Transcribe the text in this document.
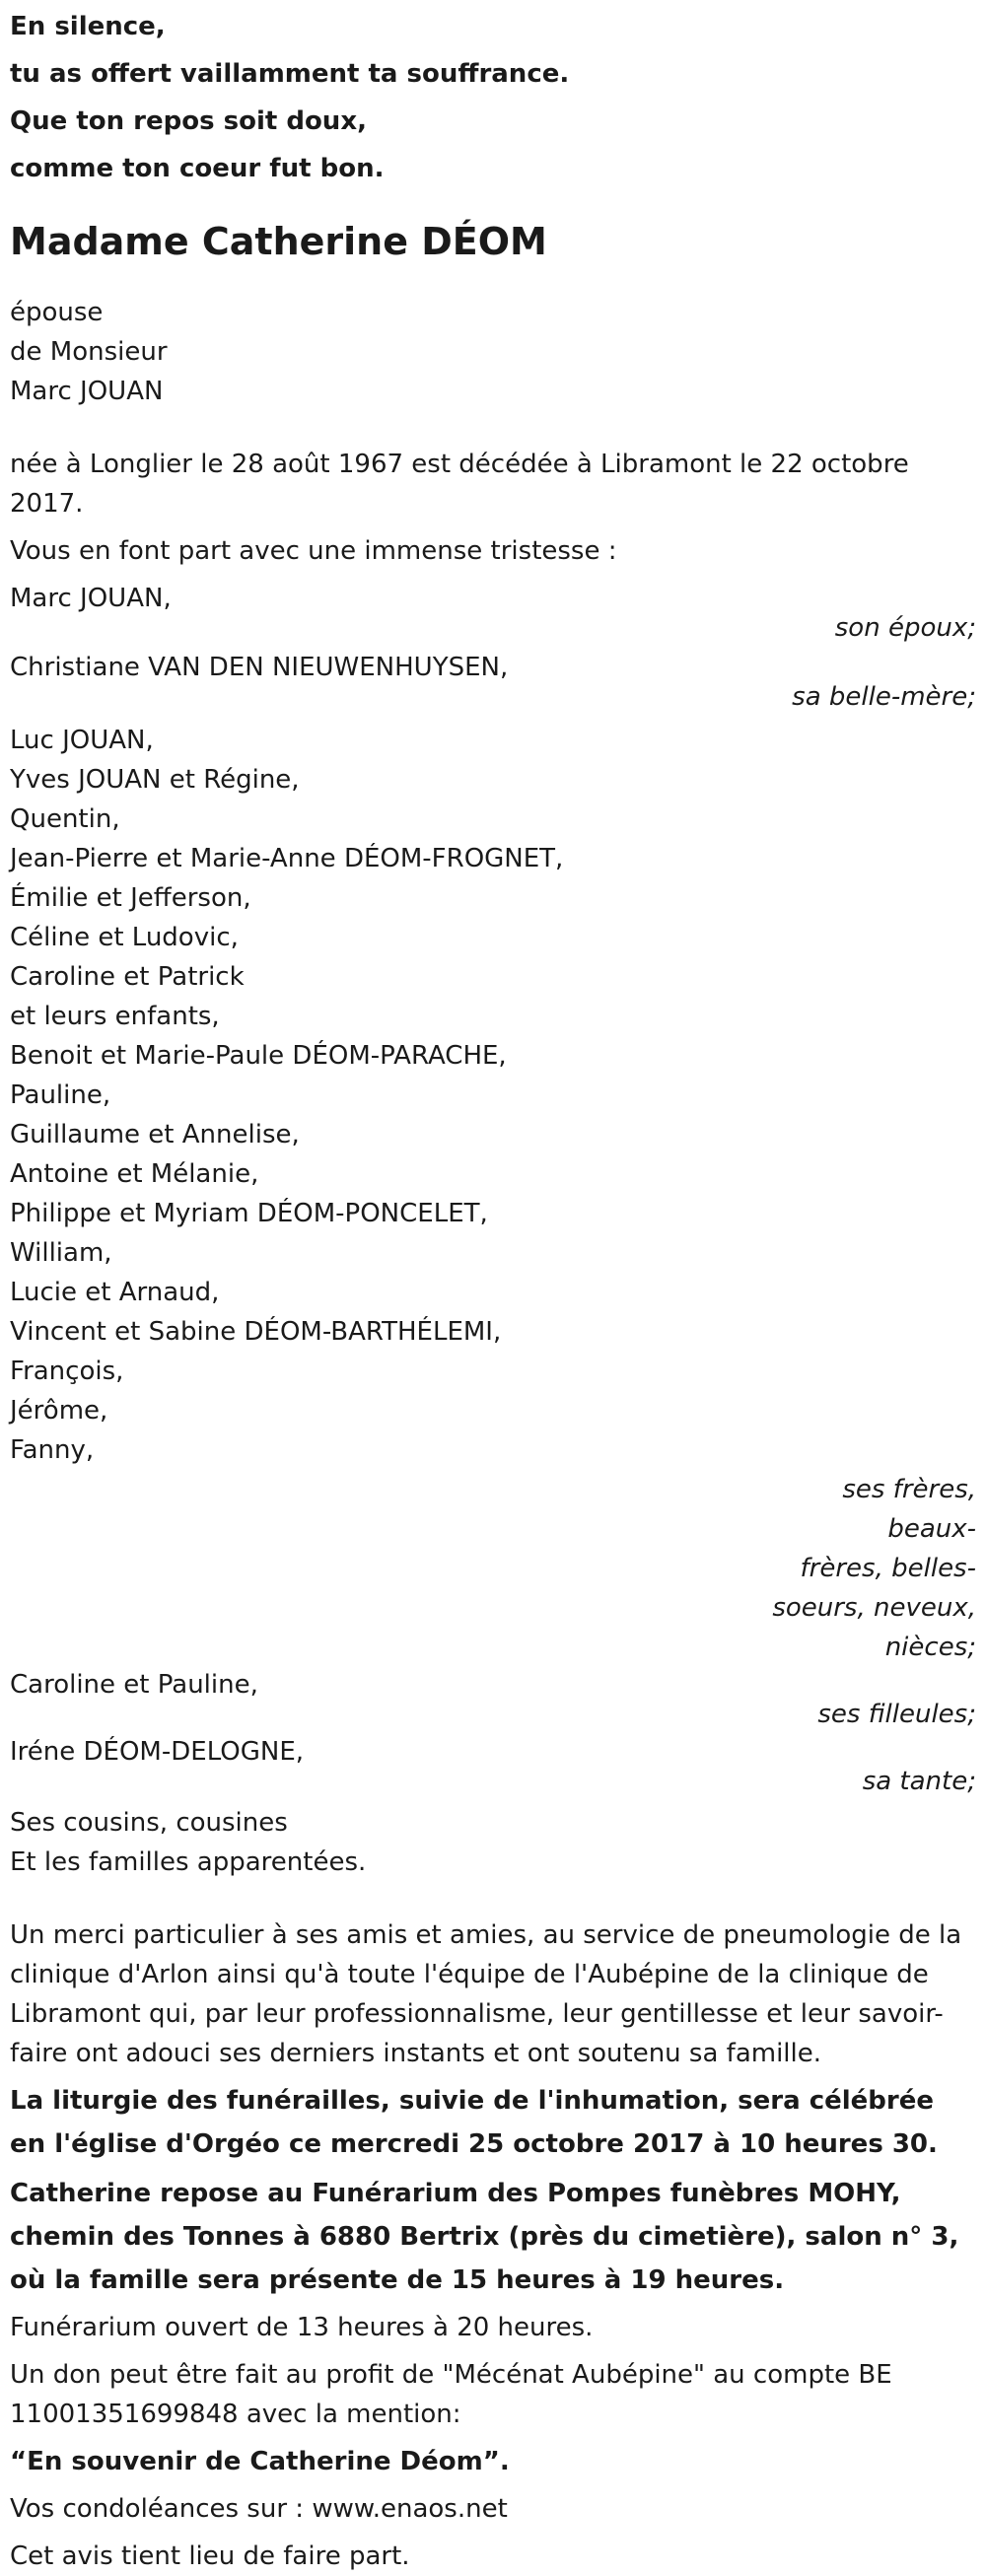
En silence,
tu as offert vaillamment ta souffrance.
Que ton repos soit doux,
comme ton coeur fut bon.
Madame Catherine DÉOM
épouse
de Monsieur
Marc JOUAN
née à Longlier le 28 août 1967 est décédée à Libramont le 22 octobre 2017.
Vous en font part avec une immense tristesse :
Marc JOUAN,
son époux;
Christiane VAN DEN NIEUWENHUYSEN,
sa belle-mère;
Luc JOUAN,
Yves JOUAN et Régine,
Quentin,
Jean-Pierre et Marie-Anne DÉOM-FROGNET,
Émilie et Jefferson,
Céline et Ludovic,
Caroline et Patrick
et leurs enfants,
Benoit et Marie-Paule DÉOM-PARACHE,
Pauline,
Guillaume et Annelise,
Antoine et Mélanie,
Philippe et Myriam DÉOM-PONCELET,
William,
Lucie et Arnaud,
Vincent et Sabine DÉOM-BARTHÉLEMI,
François,
Jérôme,
Fanny,
ses frères, beaux-
frères, belles-
soeurs, neveux,
nièces;
Caroline et Pauline,
ses filleules;
Iréne DÉOM-DELOGNE,
sa tante;
Ses cousins, cousines
Et les familles apparentées.
Un merci particulier à ses amis et amies, au service de pneumologie de la clinique d'Arlon ainsi qu'à toute l'équipe de l'Aubépine de la clinique de Libramont qui, par leur professionnalisme, leur gentillesse et leur savoir-faire ont adouci ses derniers instants et ont soutenu sa famille.
La liturgie des funérailles, suivie de l'inhumation, sera célébrée en l'église d'Orgéo ce mercredi 25 octobre 2017 à 10 heures 30.
Catherine repose au Funérarium des Pompes funèbres MOHY, chemin des Tonnes à 6880 Bertrix (près du cimetière), salon n° 3, où la famille sera présente de 15 heures à 19 heures.
Funérarium ouvert de 13 heures à 20 heures.
Un don peut être fait au profit de "Mécénat Aubépine" au compte BE 11001351699848 avec la mention:
“En souvenir de Catherine Déom”.
Vos condoléances sur : www.enaos.net
Cet avis tient lieu de faire part.
